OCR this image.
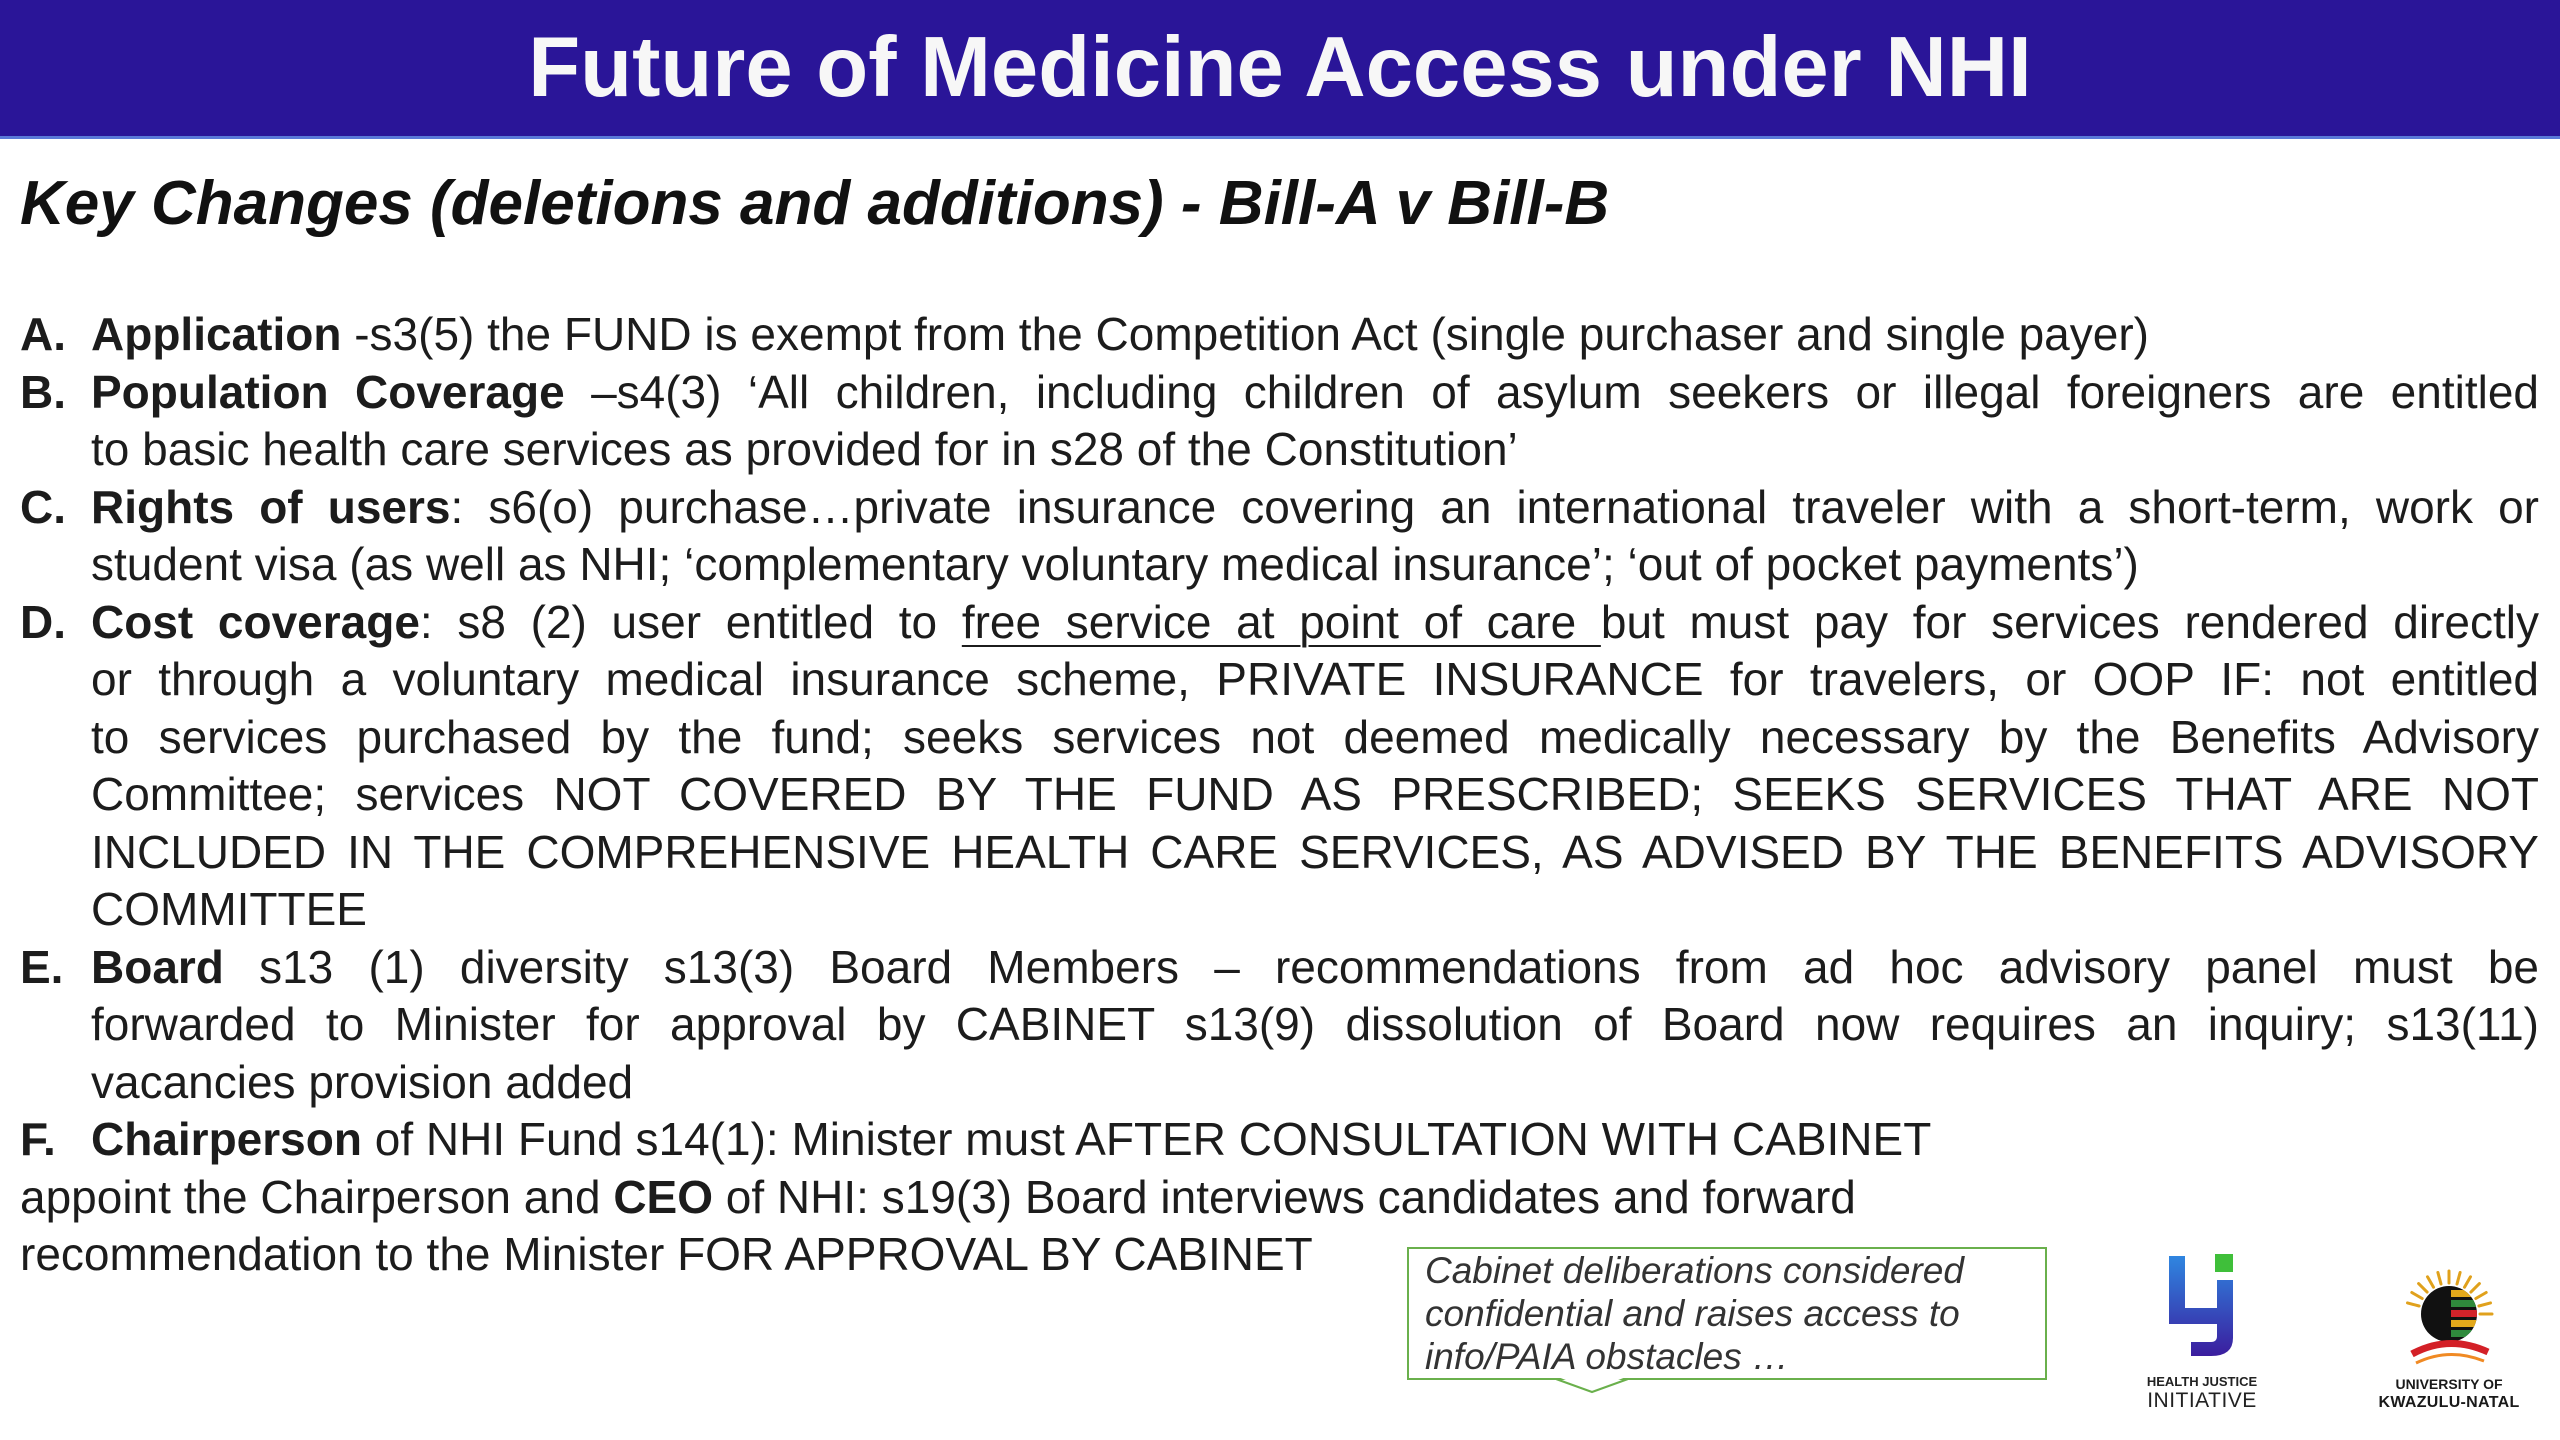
Future of Medicine Access under NHI
Key Changes (deletions and additions) - Bill-A v Bill-B
A. Application -s3(5) the FUND is exempt from the Competition Act (single purchaser and single payer)
B. Population Coverage –s4(3) ‘All children, including children of asylum seekers or illegal foreigners are entitled
to basic health care services as provided for in s28 of the Constitution’
C. Rights of users: s6(o) purchase…private insurance covering an international traveler with a short-term, work or
student visa (as well as NHI; ‘complementary voluntary medical insurance’; ‘out of pocket payments’)
D. Cost coverage: s8 (2) user entitled to free service at point of care but must pay for services rendered directly
or through a voluntary medical insurance scheme, PRIVATE INSURANCE for travelers, or OOP IF: not entitled
to services purchased by the fund; seeks services not deemed medically necessary by the Benefits Advisory
Committee; services NOT COVERED BY THE FUND AS PRESCRIBED; SEEKS SERVICES THAT ARE NOT
INCLUDED IN THE COMPREHENSIVE HEALTH CARE SERVICES, AS ADVISED BY THE BENEFITS ADVISORY
COMMITTEE
E. Board s13 (1) diversity s13(3) Board Members – recommendations from ad hoc advisory panel must be
forwarded to Minister for approval by CABINET s13(9) dissolution of Board now requires an inquiry; s13(11)
vacancies provision added
F. Chairperson of NHI Fund s14(1): Minister must AFTER CONSULTATION WITH CABINET
appoint the Chairperson and CEO of NHI: s19(3) Board interviews candidates and forward
recommendation to the Minister FOR APPROVAL BY CABINET	Cabinet deliberations considered
confidential and raises access to
info/PAIA obstacles …
HEALTH JUSTICE
INITIATIVE
UNIVERSITY OF
KWAZULU-NATAL
